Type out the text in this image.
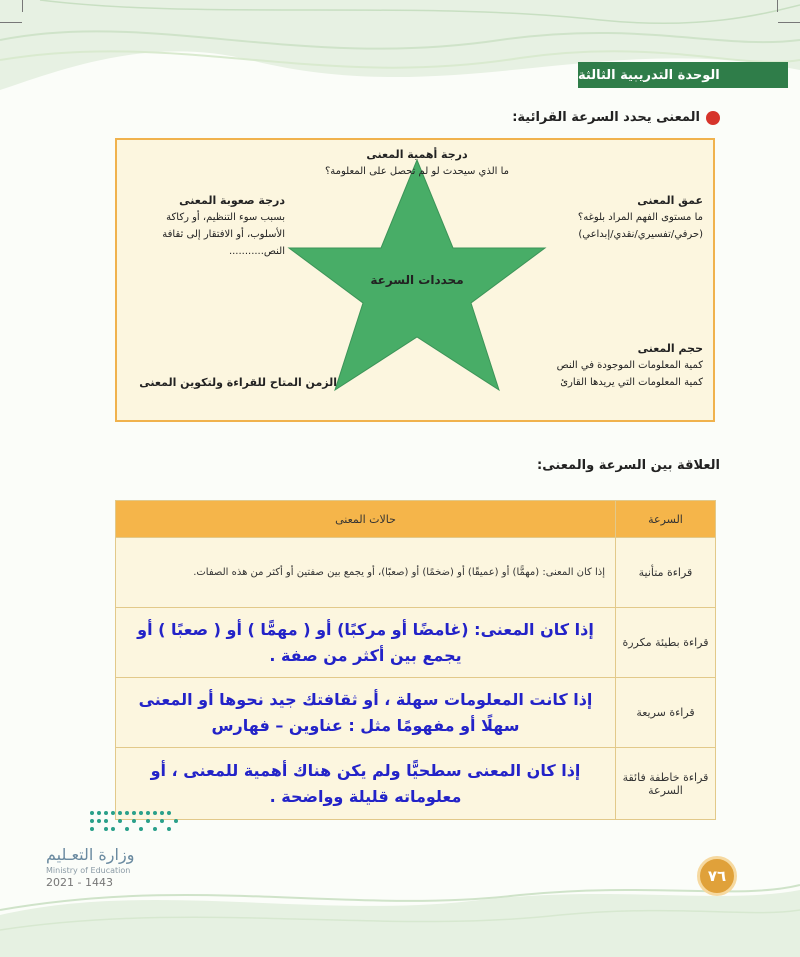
الوحدة التدريبية الثالثة
المعنى يحدد السرعة القرائية:
محددات السرعة
درجة أهمية المعنى
ما الذي سيحدث لو لم تحصل على المعلومة؟
درجة صعوبة المعنى
بسبب سوء التنظيم، أو ركاكة
الأسلوب، أو الافتقار إلى ثقافة
النص...........
عمق المعنى
ما مستوى الفهم المراد بلوغه؟
(حرفي/تفسيري/نقدي/إبداعي)
الزمن المتاح للقراءة ولتكوين المعنى
حجم المعنى
كمية المعلومات الموجودة في النص
كمية المعلومات التي يريدها القارئ
العلاقة بين السرعة والمعنى:
السرعة	حالات المعنى
قراءة متأنية	إذا كان المعنى: (مهمًّا) أو (عميقًا) أو (ضخمًا) أو (صعبًا)، أو يجمع بين صفتين أو أكثر من هذه الصفات.
قراءة بطيئة مكررة	إذا كان المعنى: (غامضًا أو مركبًا) أو ( مهمًّا ) أو ( صعبًا ) أو يجمع بين أكثر من صفة .
قراءة سريعة	إذا كانت المعلومات سهلة ، أو ثقافتك جيد نحوها أو المعنى سهلًا أو مفهومًا مثل : عناوين – فهارس
قراءة خاطفة فائقة السرعة	إذا كان المعنى سطحيًّا ولم يكن هناك أهمية للمعنى ، أو معلوماته قليلة وواضحة .
وزارة التعـليم
Ministry of Education
2021 - 1443	٧٦
